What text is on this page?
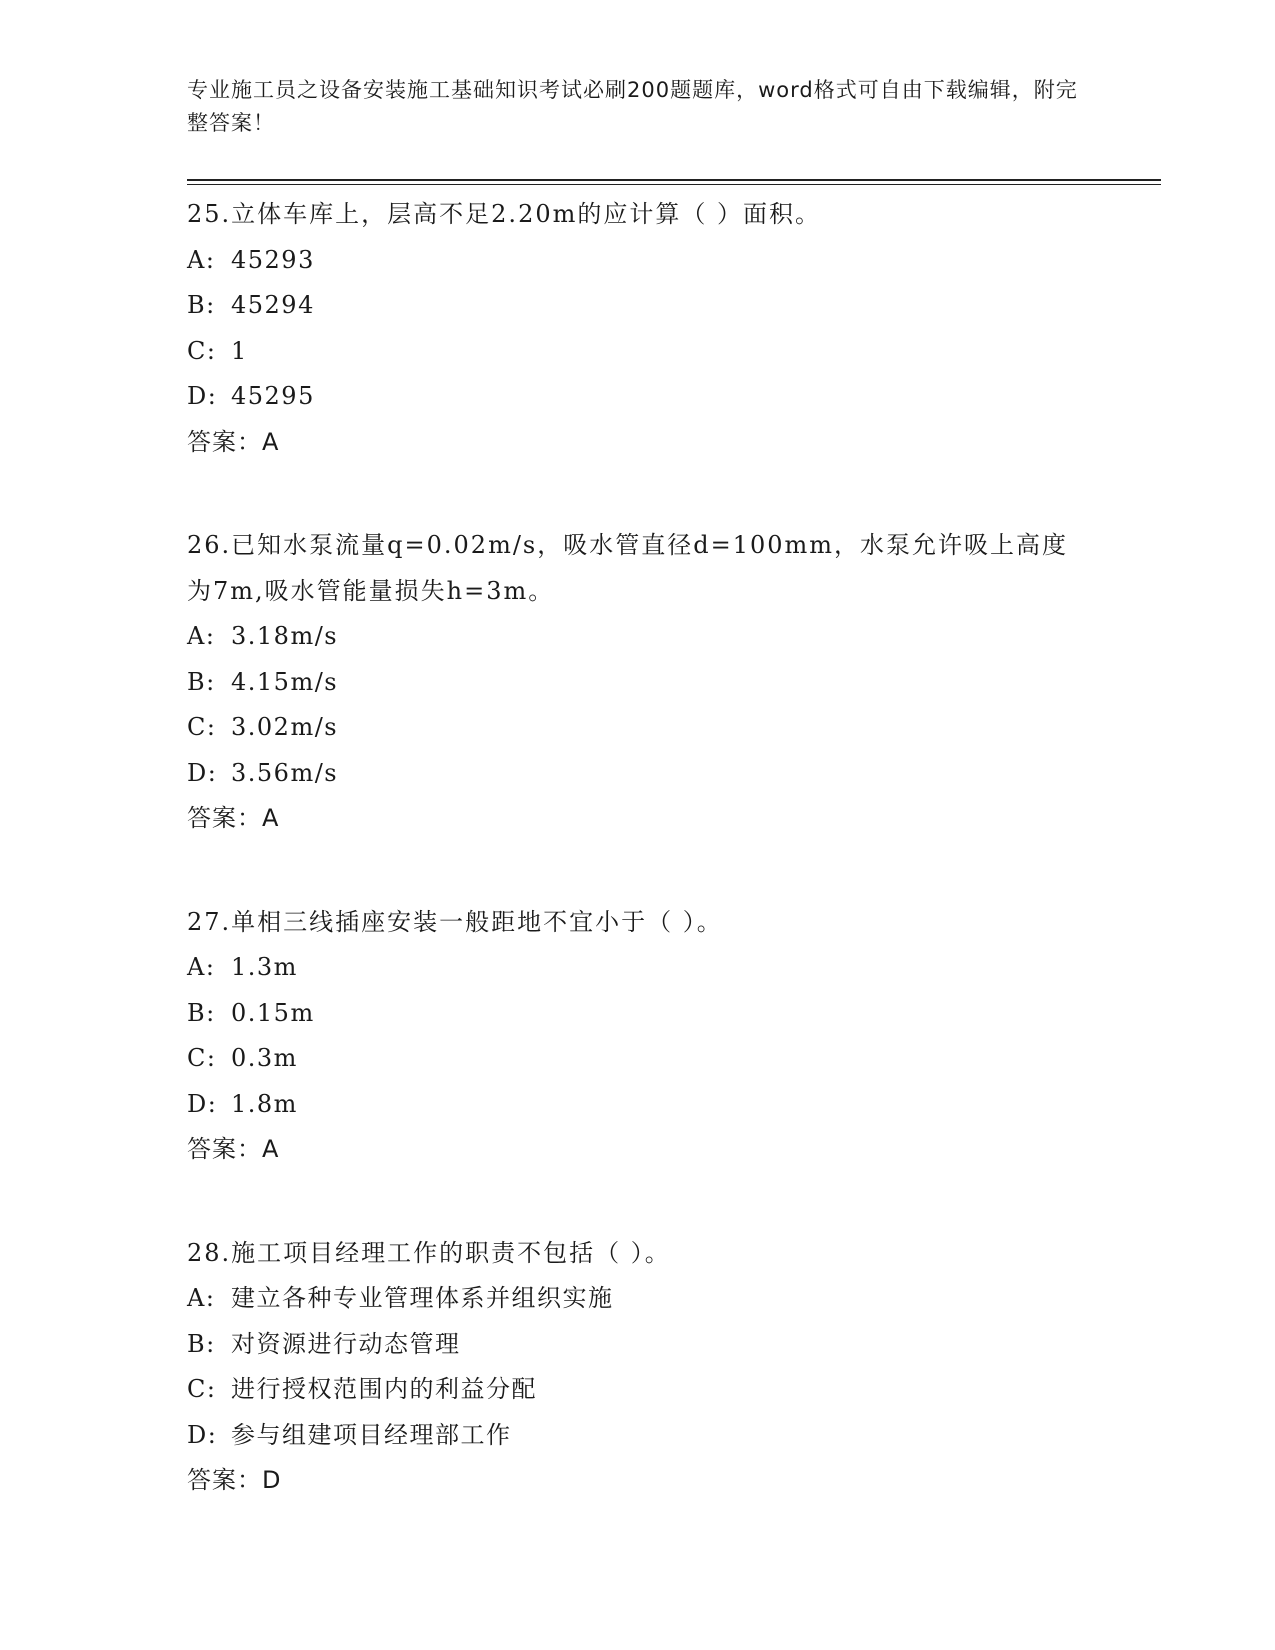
专业施工员之设备安装施工基础知识考试必刷200题题库，word格式可自由下载编辑，附完整答案！
25.立体车库上，层高不足2.20m的应计算（ ）面积。
A: 45293
B: 45294
C: 1
D: 45295
答案：A
26.已知水泵流量q=0.02m/s，吸水管直径d=100mm，水泵允许吸上高度为7m,吸水管能量损失h=3m。
A: 3.18m/s
B: 4.15m/s
C: 3.02m/s
D: 3.56m/s
答案：A
27.单相三线插座安装一般距地不宜小于（ ）。
A: 1.3m
B: 0.15m
C: 0.3m
D: 1.8m
答案：A
28.施工项目经理工作的职责不包括（ ）。
A: 建立各种专业管理体系并组织实施
B: 对资源进行动态管理
C: 进行授权范围内的利益分配
D: 参与组建项目经理部工作
答案：D
